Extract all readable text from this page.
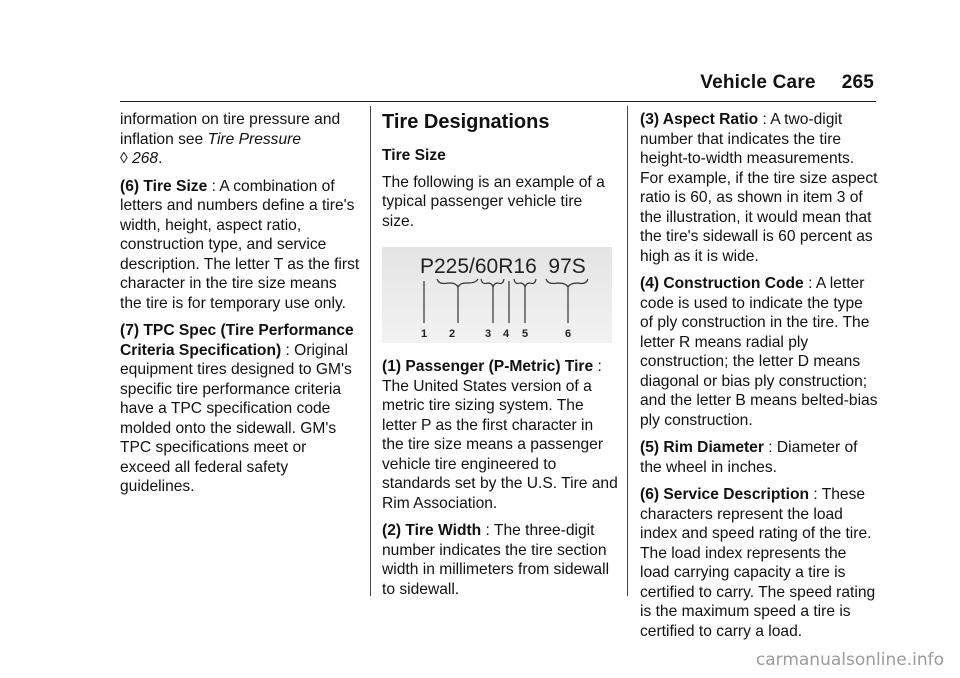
Vehicle Care 265

information on tire pressure and inflation see Tire Pressure
◊ 268.

(6) Tire Size : A combination of letters and numbers define a tire's width, height, aspect ratio, construction type, and service description. The letter T as the first character in the tire size means the tire is for temporary use only.

(7) TPC Spec (Tire Performance Criteria Specification) : Original equipment tires designed to GM's specific tire performance criteria have a TPC specification code molded onto the sidewall. GM's TPC specifications meet or exceed all federal safety guidelines.

Tire Designations
Tire Size

The following is an example of a typical passenger vehicle tire size.

P225/60R16  97S
1 2	3 4 5	6

(1) Passenger (P-Metric) Tire : The United States version of a metric tire sizing system. The letter P as the first character in the tire size means a passenger vehicle tire engineered to standards set by the U.S. Tire and Rim Association.

(2) Tire Width : The three-digit number indicates the tire section width in millimeters from sidewall to sidewall.

(3) Aspect Ratio : A two-digit number that indicates the tire height-to-width measurements. For example, if the tire size aspect ratio is 60, as shown in item 3 of the illustration, it would mean that the tire's sidewall is 60 percent as high as it is wide.

(4) Construction Code : A letter code is used to indicate the type of ply construction in the tire. The letter R means radial ply construction; the letter D means diagonal or bias ply construction; and the letter B means belted-bias ply construction.

(5) Rim Diameter : Diameter of the wheel in inches.

(6) Service Description : These characters represent the load index and speed rating of the tire. The load index represents the load carrying capacity a tire is certified to carry. The speed rating is the maximum speed a tire is certified to carry a load.

carmanualsonline.info
